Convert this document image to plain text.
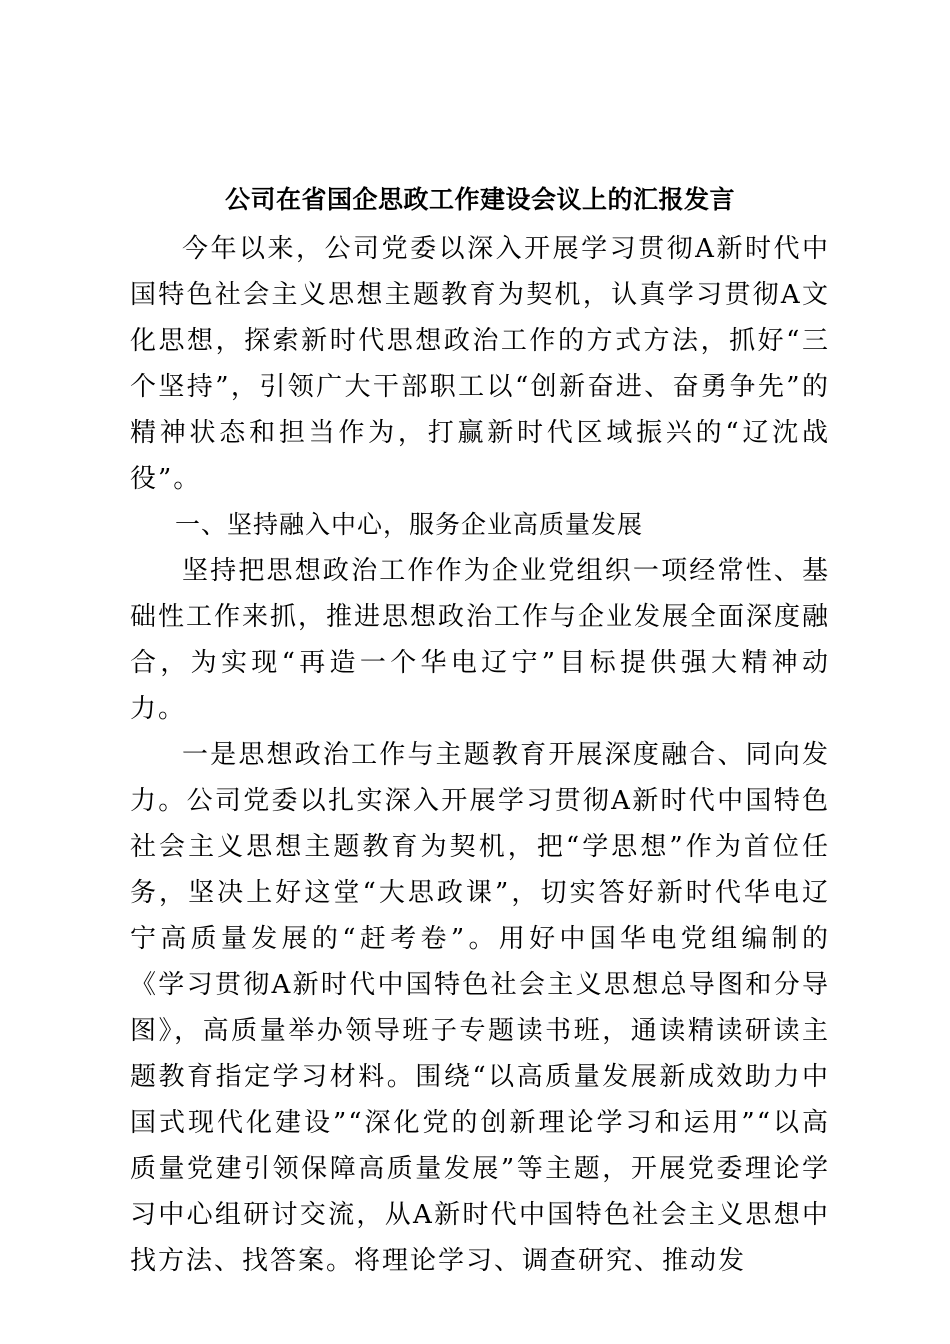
公司在省国企思政工作建设会议上的汇报发言

今年以来，公司党委以深入开展学习贯彻A新时代中国特色社会主义思想主题教育为契机，认真学习贯彻A文化思想，探索新时代思想政治工作的方式方法，抓好“三个坚持”，引领广大干部职工以“创新奋进、奋勇争先”的精神状态和担当作为，打赢新时代区域振兴的“辽沈战役”。

一、坚持融入中心，服务企业高质量发展

坚持把思想政治工作作为企业党组织一项经常性、基础性工作来抓，推进思想政治工作与企业发展全面深度融合，为实现“再造一个华电辽宁”目标提供强大精神动力。

一是思想政治工作与主题教育开展深度融合、同向发力。公司党委以扎实深入开展学习贯彻A新时代中国特色社会主义思想主题教育为契机，把“学思想”作为首位任务，坚决上好这堂“大思政课”，切实答好新时代华电辽宁高质量发展的“赶考卷”。用好中国华电党组编制的《学习贯彻A新时代中国特色社会主义思想总导图和分导图》，高质量举办领导班子专题读书班，通读精读研读主题教育指定学习材料。围绕“以高质量发展新成效助力中国式现代化建设”“深化党的创新理论学习和运用”“以高质量党建引领保障高质量发展”等主题，开展党委理论学习中心组研讨交流，从A新时代中国特色社会主义思想中找方法、找答案。将理论学习、调查研究、推动发
